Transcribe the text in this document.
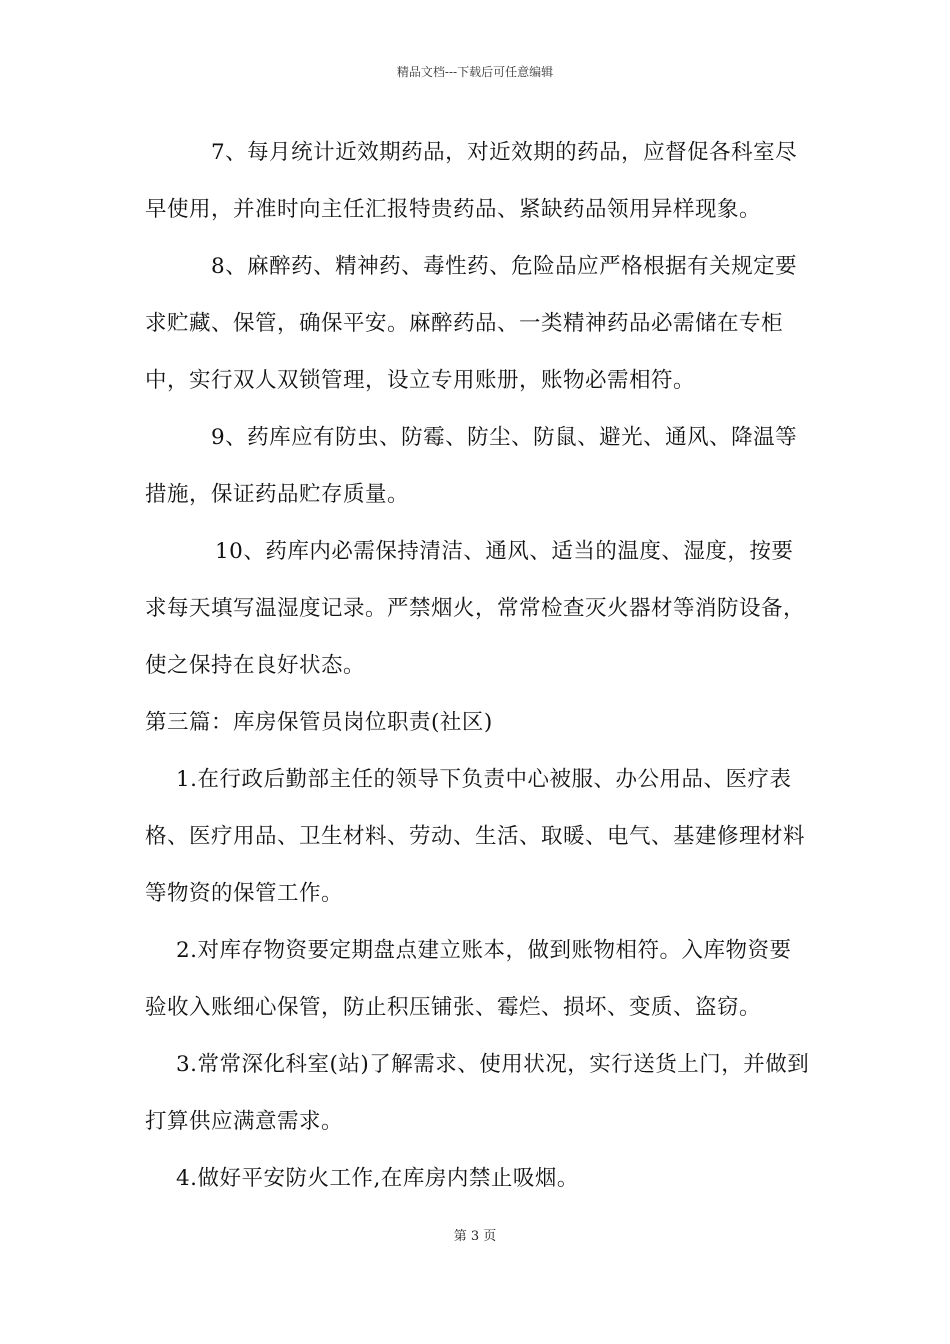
精品文档---下载后可任意编辑

7、每月统计近效期药品，对近效期的药品，应督促各科室尽早使用，并准时向主任汇报特贵药品、紧缺药品领用异样现象。

8、麻醉药、精神药、毒性药、危险品应严格根据有关规定要求贮藏、保管，确保平安。麻醉药品、一类精神药品必需储在专柜中，实行双人双锁管理，设立专用账册，账物必需相符。

9、药库应有防虫、防霉、防尘、防鼠、避光、通风、降温等措施，保证药品贮存质量。

10、药库内必需保持清洁、通风、适当的温度、湿度，按要求每天填写温湿度记录。严禁烟火，常常检查灭火器材等消防设备，使之保持在良好状态。

第三篇：库房保管员岗位职责(社区)

1.在行政后勤部主任的领导下负责中心被服、办公用品、医疗表格、医疗用品、卫生材料、劳动、生活、取暖、电气、基建修理材料等物资的保管工作。

2.对库存物资要定期盘点建立账本，做到账物相符。入库物资要验收入账细心保管，防止积压铺张、霉烂、损坏、变质、盗窃。

3.常常深化科室(站)了解需求、使用状况，实行送货上门，并做到打算供应满意需求。

4.做好平安防火工作,在库房内禁止吸烟。

第 3 页
